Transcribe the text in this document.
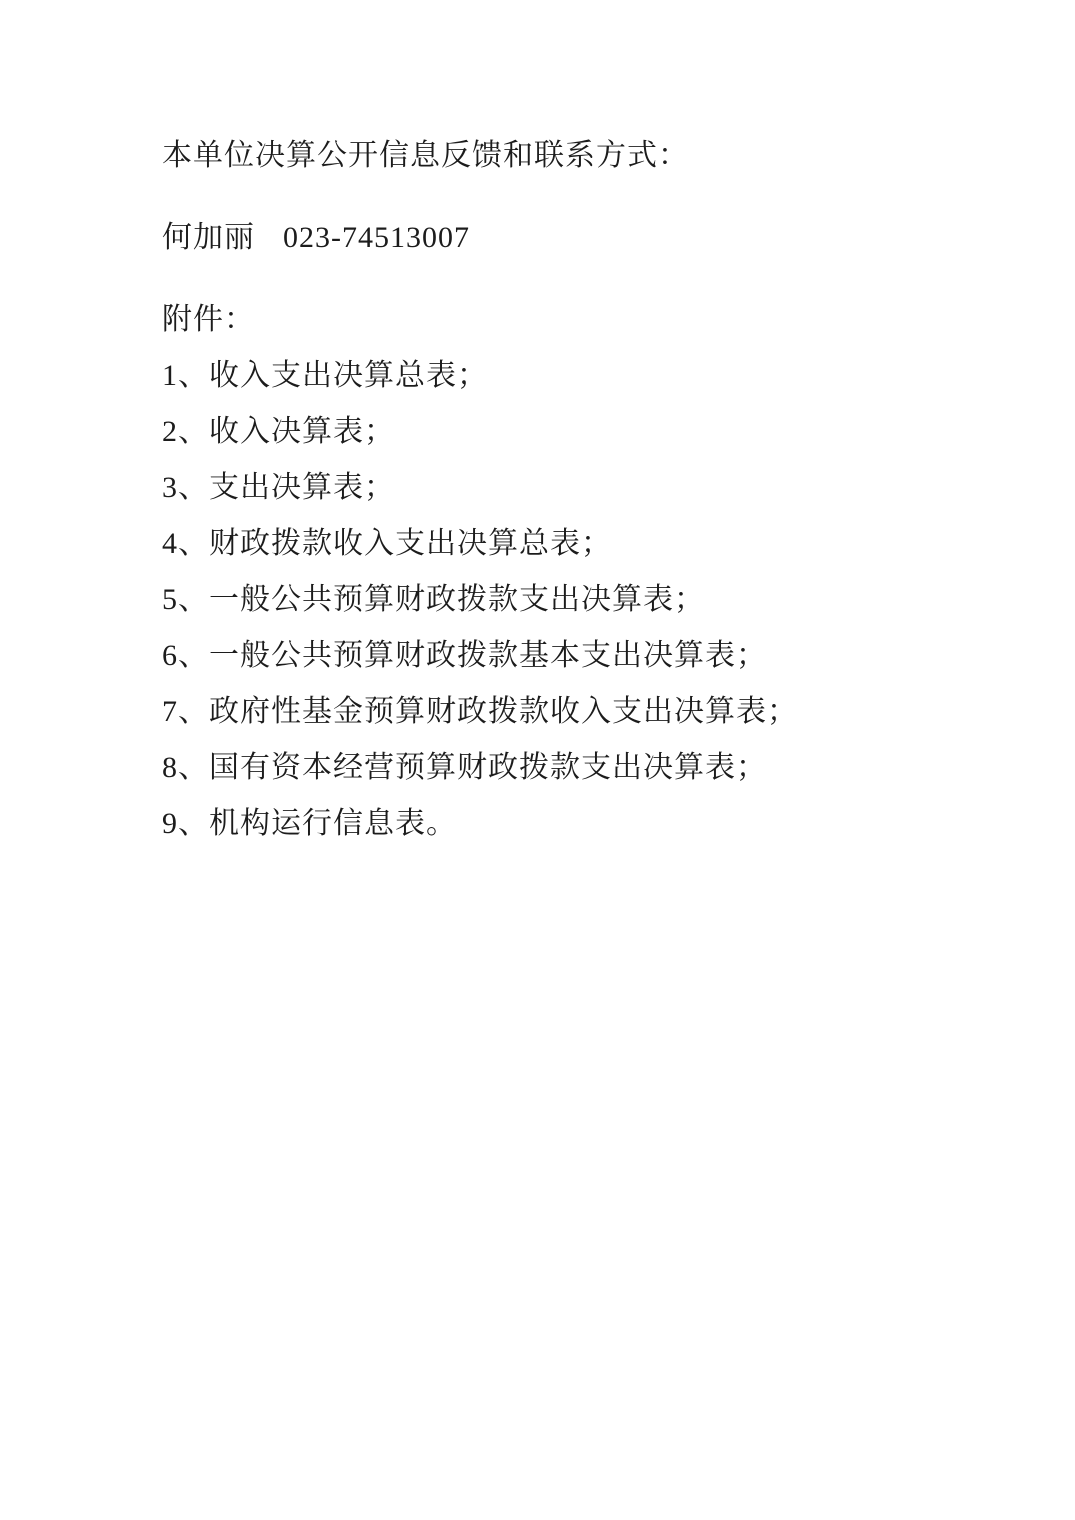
本单位决算公开信息反馈和联系方式：

何加丽 023-74513007

附件：

1、收入支出决算总表；

2、收入决算表；

3、支出决算表；

4、财政拨款收入支出决算总表；

5、一般公共预算财政拨款支出决算表；

6、一般公共预算财政拨款基本支出决算表；

7、政府性基金预算财政拨款收入支出决算表；

8、国有资本经营预算财政拨款支出决算表；

9、机构运行信息表。
